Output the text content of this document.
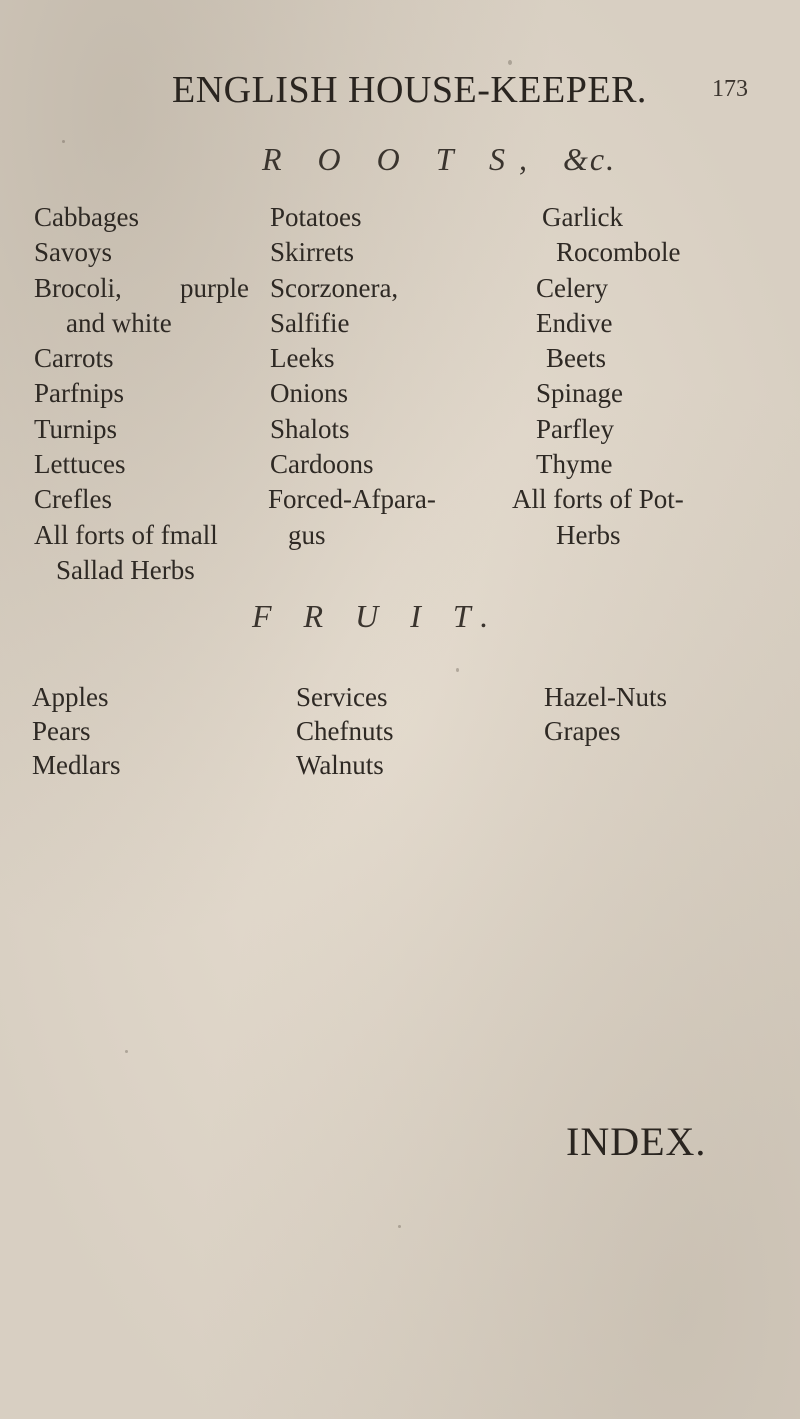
ENGLISH HOUSE-KEEPER.	173
R O O T S, &c.
Cabbages
Savoys
Brocoli, purple
and white
Carrots
Parfnips
Turnips
Lettuces
Crefles
All forts of fmall
Sallad Herbs
Potatoes
Skirrets
Scorzonera,
Salfifie
Leeks
Onions
Shalots
Cardoons
Forced-Afpara-
gus
Garlick
Rocombole
Celery
Endive
Beets
Spinage
Parfley
Thyme
All forts of Pot-
Herbs
F R U I T.
Apples
Pears
Medlars
Services
Chefnuts
Walnuts
Hazel-Nuts
Grapes
INDEX.
